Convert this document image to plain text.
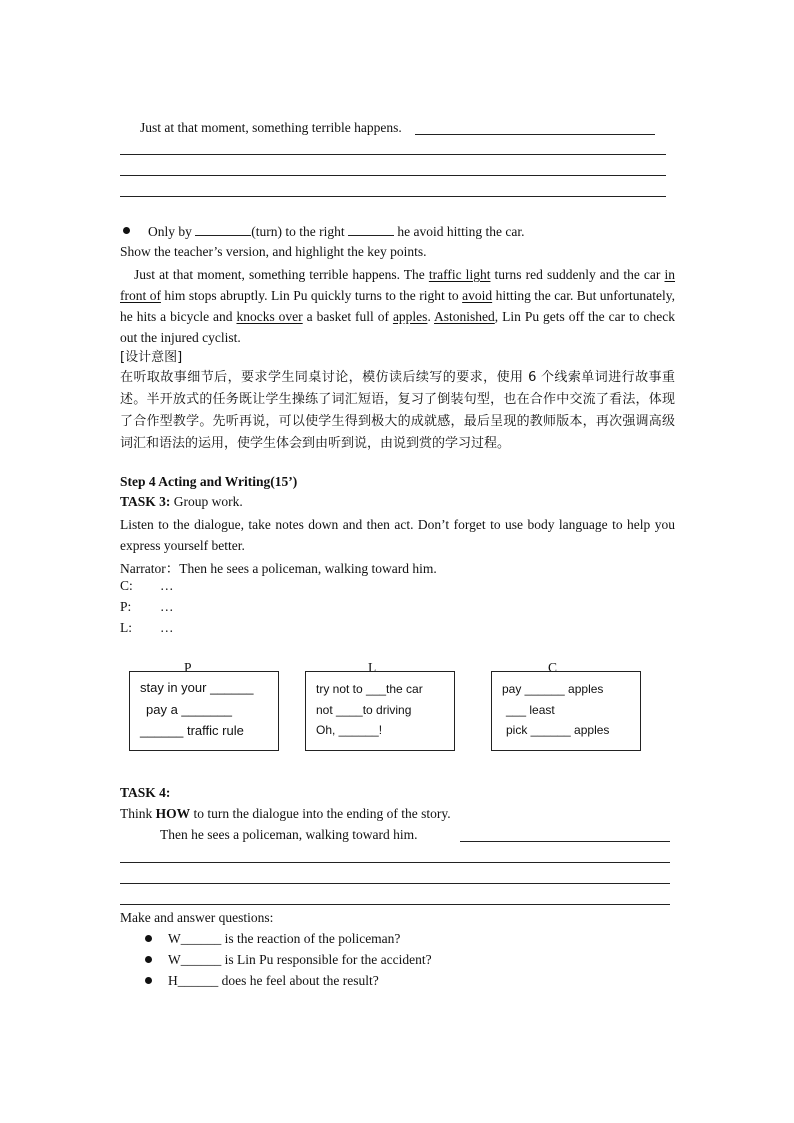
Just at that moment, something terrible happens.
Only by	(turn) to the right	he avoid hitting the car.
Show the teacher’s version, and highlight the key points.
Just at that moment, something terrible happens. The traffic light turns red suddenly and the car in front of him stops abruptly. Lin Pu quickly turns to the right to avoid hitting the car. But unfortunately, he hits a bicycle and knocks over a basket full of apples. Astonished, Lin Pu gets off the car to check out the injured cyclist.
[设计意图]
在听取故事细节后，要求学生同桌讨论，模仿读后续写的要求，使用 6 个线索单词进行故事重述。半开放式的任务既让学生操练了词汇短语，复习了倒装句型，也在合作中交流了看法，体现了合作型教学。先听再说，可以使学生得到极大的成就感，最后呈现的教师版本，再次强调高级词汇和语法的运用，使学生体会到由听到说，由说到赏的学习过程。
Step 4 Acting and Writing(15’)
TASK 3: Group work.
Listen to the dialogue, take notes down and then act. Don’t forget to use body language to help you express yourself better.
Narrator：Then he sees a policeman, walking toward him.
C: …
P: …
L: …
P
stay in your ______
pay a _______
______ traffic rule
L
try not to ___the car
not ____to driving
Oh, ______!
C
pay ______ apples
___ least
pick ______ apples
TASK 4:
Think HOW to turn the dialogue into the ending of the story.
Then he sees a policeman, walking toward him.
Make and answer questions:
W______ is the reaction of the policeman?
W______ is Lin Pu responsible for the accident?
H______ does he feel about the result?
